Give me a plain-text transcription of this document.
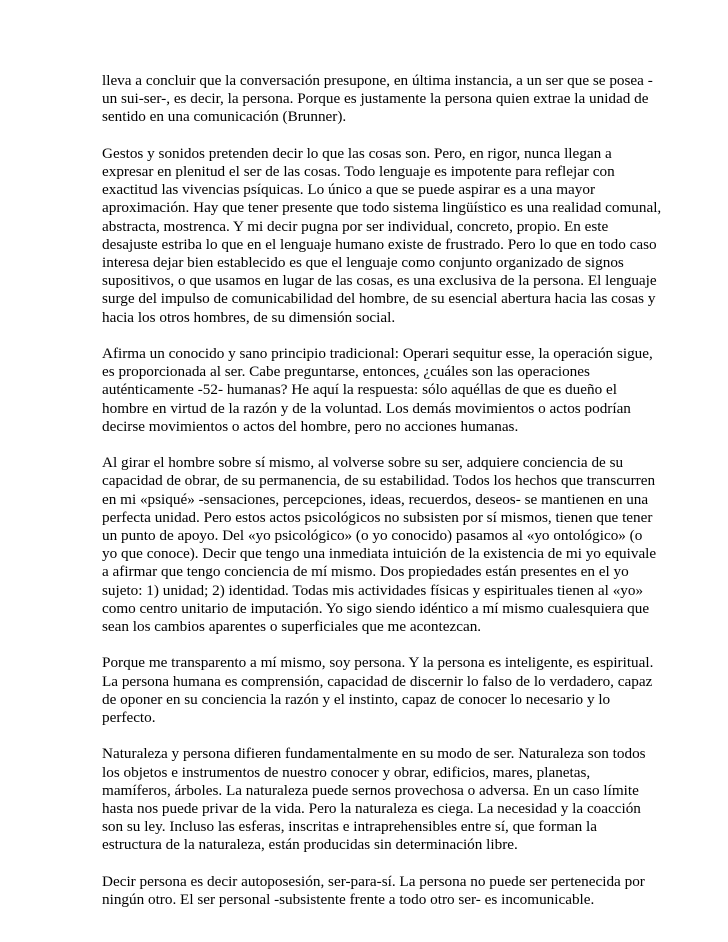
lleva a concluir que la conversación presupone, en última instancia, a un ser que se posea -
un sui-ser-, es decir, la persona. Porque es justamente la persona quien extrae la unidad de
sentido en una comunicación (Brunner).

Gestos y sonidos pretenden decir lo que las cosas son. Pero, en rigor, nunca llegan a
expresar en plenitud el ser de las cosas. Todo lenguaje es impotente para reflejar con
exactitud las vivencias psíquicas. Lo único a que se puede aspirar es a una mayor
aproximación. Hay que tener presente que todo sistema lingüístico es una realidad comunal,
abstracta, mostrenca. Y mi decir pugna por ser individual, concreto, propio. En este
desajuste estriba lo que en el lenguaje humano existe de frustrado. Pero lo que en todo caso
interesa dejar bien establecido es que el lenguaje como conjunto organizado de signos
supositivos, o que usamos en lugar de las cosas, es una exclusiva de la persona. El lenguaje
surge del impulso de comunicabilidad del hombre, de su esencial abertura hacia las cosas y
hacia los otros hombres, de su dimensión social.

Afirma un conocido y sano principio tradicional: Operari sequitur esse, la operación sigue,
es proporcionada al ser. Cabe preguntarse, entonces, ¿cuáles son las operaciones
auténticamente -52- humanas? He aquí la respuesta: sólo aquéllas de que es dueño el
hombre en virtud de la razón y de la voluntad. Los demás movimientos o actos podrían
decirse movimientos o actos del hombre, pero no acciones humanas.

Al girar el hombre sobre sí mismo, al volverse sobre su ser, adquiere conciencia de su
capacidad de obrar, de su permanencia, de su estabilidad. Todos los hechos que transcurren
en mi «psiqué» -sensaciones, percepciones, ideas, recuerdos, deseos- se mantienen en una
perfecta unidad. Pero estos actos psicológicos no subsisten por sí mismos, tienen que tener
un punto de apoyo. Del «yo psicológico» (o yo conocido) pasamos al «yo ontológico» (o
yo que conoce). Decir que tengo una inmediata intuición de la existencia de mi yo equivale
a afirmar que tengo conciencia de mí mismo. Dos propiedades están presentes en el yo
sujeto: 1) unidad; 2) identidad. Todas mis actividades físicas y espirituales tienen al «yo»
como centro unitario de imputación. Yo sigo siendo idéntico a mí mismo cualesquiera que
sean los cambios aparentes o superficiales que me acontezcan.

Porque me transparento a mí mismo, soy persona. Y la persona es inteligente, es espiritual.
La persona humana es comprensión, capacidad de discernir lo falso de lo verdadero, capaz
de oponer en su conciencia la razón y el instinto, capaz de conocer lo necesario y lo
perfecto.

Naturaleza y persona difieren fundamentalmente en su modo de ser. Naturaleza son todos
los objetos e instrumentos de nuestro conocer y obrar, edificios, mares, planetas,
mamíferos, árboles. La naturaleza puede sernos provechosa o adversa. En un caso límite
hasta nos puede privar de la vida. Pero la naturaleza es ciega. La necesidad y la coacción
son su ley. Incluso las esferas, inscritas e intraprehensibles entre sí, que forman la
estructura de la naturaleza, están producidas sin determinación libre.

Decir persona es decir autoposesión, ser-para-sí. La persona no puede ser pertenecida por
ningún otro. El ser personal -subsistente frente a todo otro ser- es incomunicable.
